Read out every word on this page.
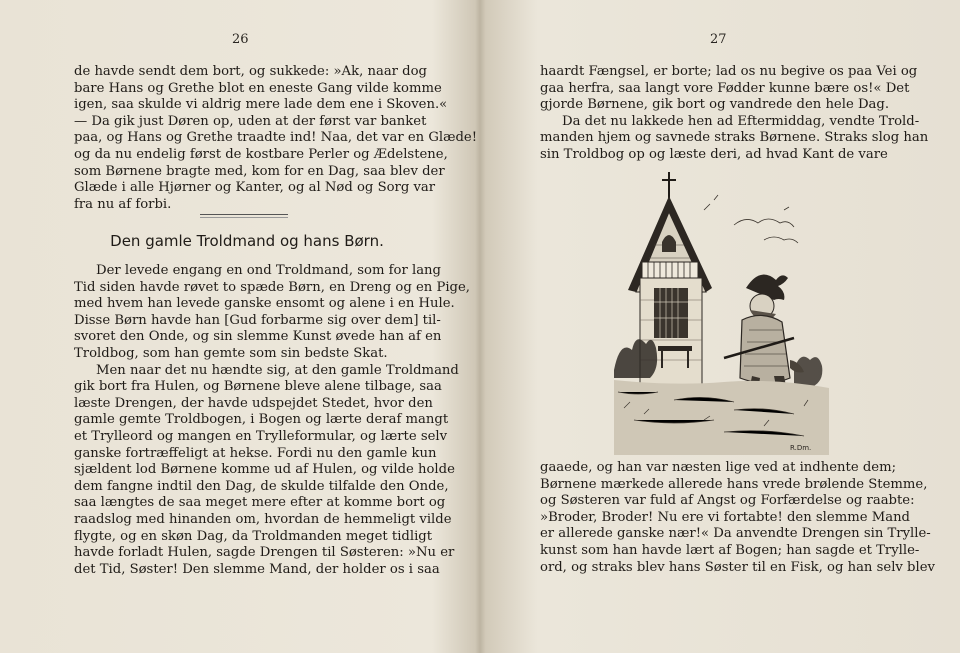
26
de havde sendt dem bort, og sukkede: »Ak, naar dog
bare Hans og Grethe blot en eneste Gang vilde komme
igen, saa skulde vi aldrig mere lade dem ene i Skoven.«
— Da gik just Døren op, uden at der først var banket
paa, og Hans og Grethe traadte ind! Naa, det var en Glæde!
og da nu endelig først de kostbare Perler og Ædelstene,
som Børnene bragte med, kom for en Dag, saa blev der
Glæde i alle Hjørner og Kanter, og al Nød og Sorg var
fra nu af forbi.
Den gamle Troldmand og hans Børn.
Der levede engang en ond Troldmand, som for lang
Tid siden havde røvet to spæde Børn, en Dreng og en Pige,
med hvem han levede ganske ensomt og alene i en Hule.
Disse Børn havde han [Gud forbarme sig over dem] til-
svoret den Onde, og sin slemme Kunst øvede han af en
Troldbog, som han gemte som sin bedste Skat.
Men naar det nu hændte sig, at den gamle Troldmand
gik bort fra Hulen, og Børnene bleve alene tilbage, saa
læste Drengen, der havde udspejdet Stedet, hvor den
gamle gemte Troldbogen, i Bogen og lærte deraf mangt
et Trylleord og mangen en Trylleformular, og lærte selv
ganske fortræffeligt at hekse. Fordi nu den gamle kun
sjældent lod Børnene komme ud af Hulen, og vilde holde
dem fangne indtil den Dag, de skulde tilfalde den Onde,
saa længtes de saa meget mere efter at komme bort og
raadslog med hinanden om, hvordan de hemmeligt vilde
flygte, og en skøn Dag, da Troldmanden meget tidligt
havde forladt Hulen, sagde Drengen til Søsteren: »Nu er
det Tid, Søster! Den slemme Mand, der holder os i saa
27
haardt Fængsel, er borte; lad os nu begive os paa Vei og
gaa herfra, saa langt vore Fødder kunne bære os!« Det
gjorde Børnene, gik bort og vandrede den hele Dag.
Da det nu lakkede hen ad Eftermiddag, vendte Trold-
manden hjem og savnede straks Børnene. Straks slog han
sin Troldbog op og læste deri, ad hvad Kant de vare
R.Dm.
gaaede, og han var næsten lige ved at indhente dem;
Børnene mærkede allerede hans vrede brølende Stemme,
og Søsteren var fuld af Angst og Forfærdelse og raabte:
»Broder, Broder! Nu ere vi fortabte! den slemme Mand
er allerede ganske nær!« Da anvendte Drengen sin Trylle-
kunst som han havde lært af Bogen; han sagde et Trylle-
ord, og straks blev hans Søster til en Fisk, og han selv blev
